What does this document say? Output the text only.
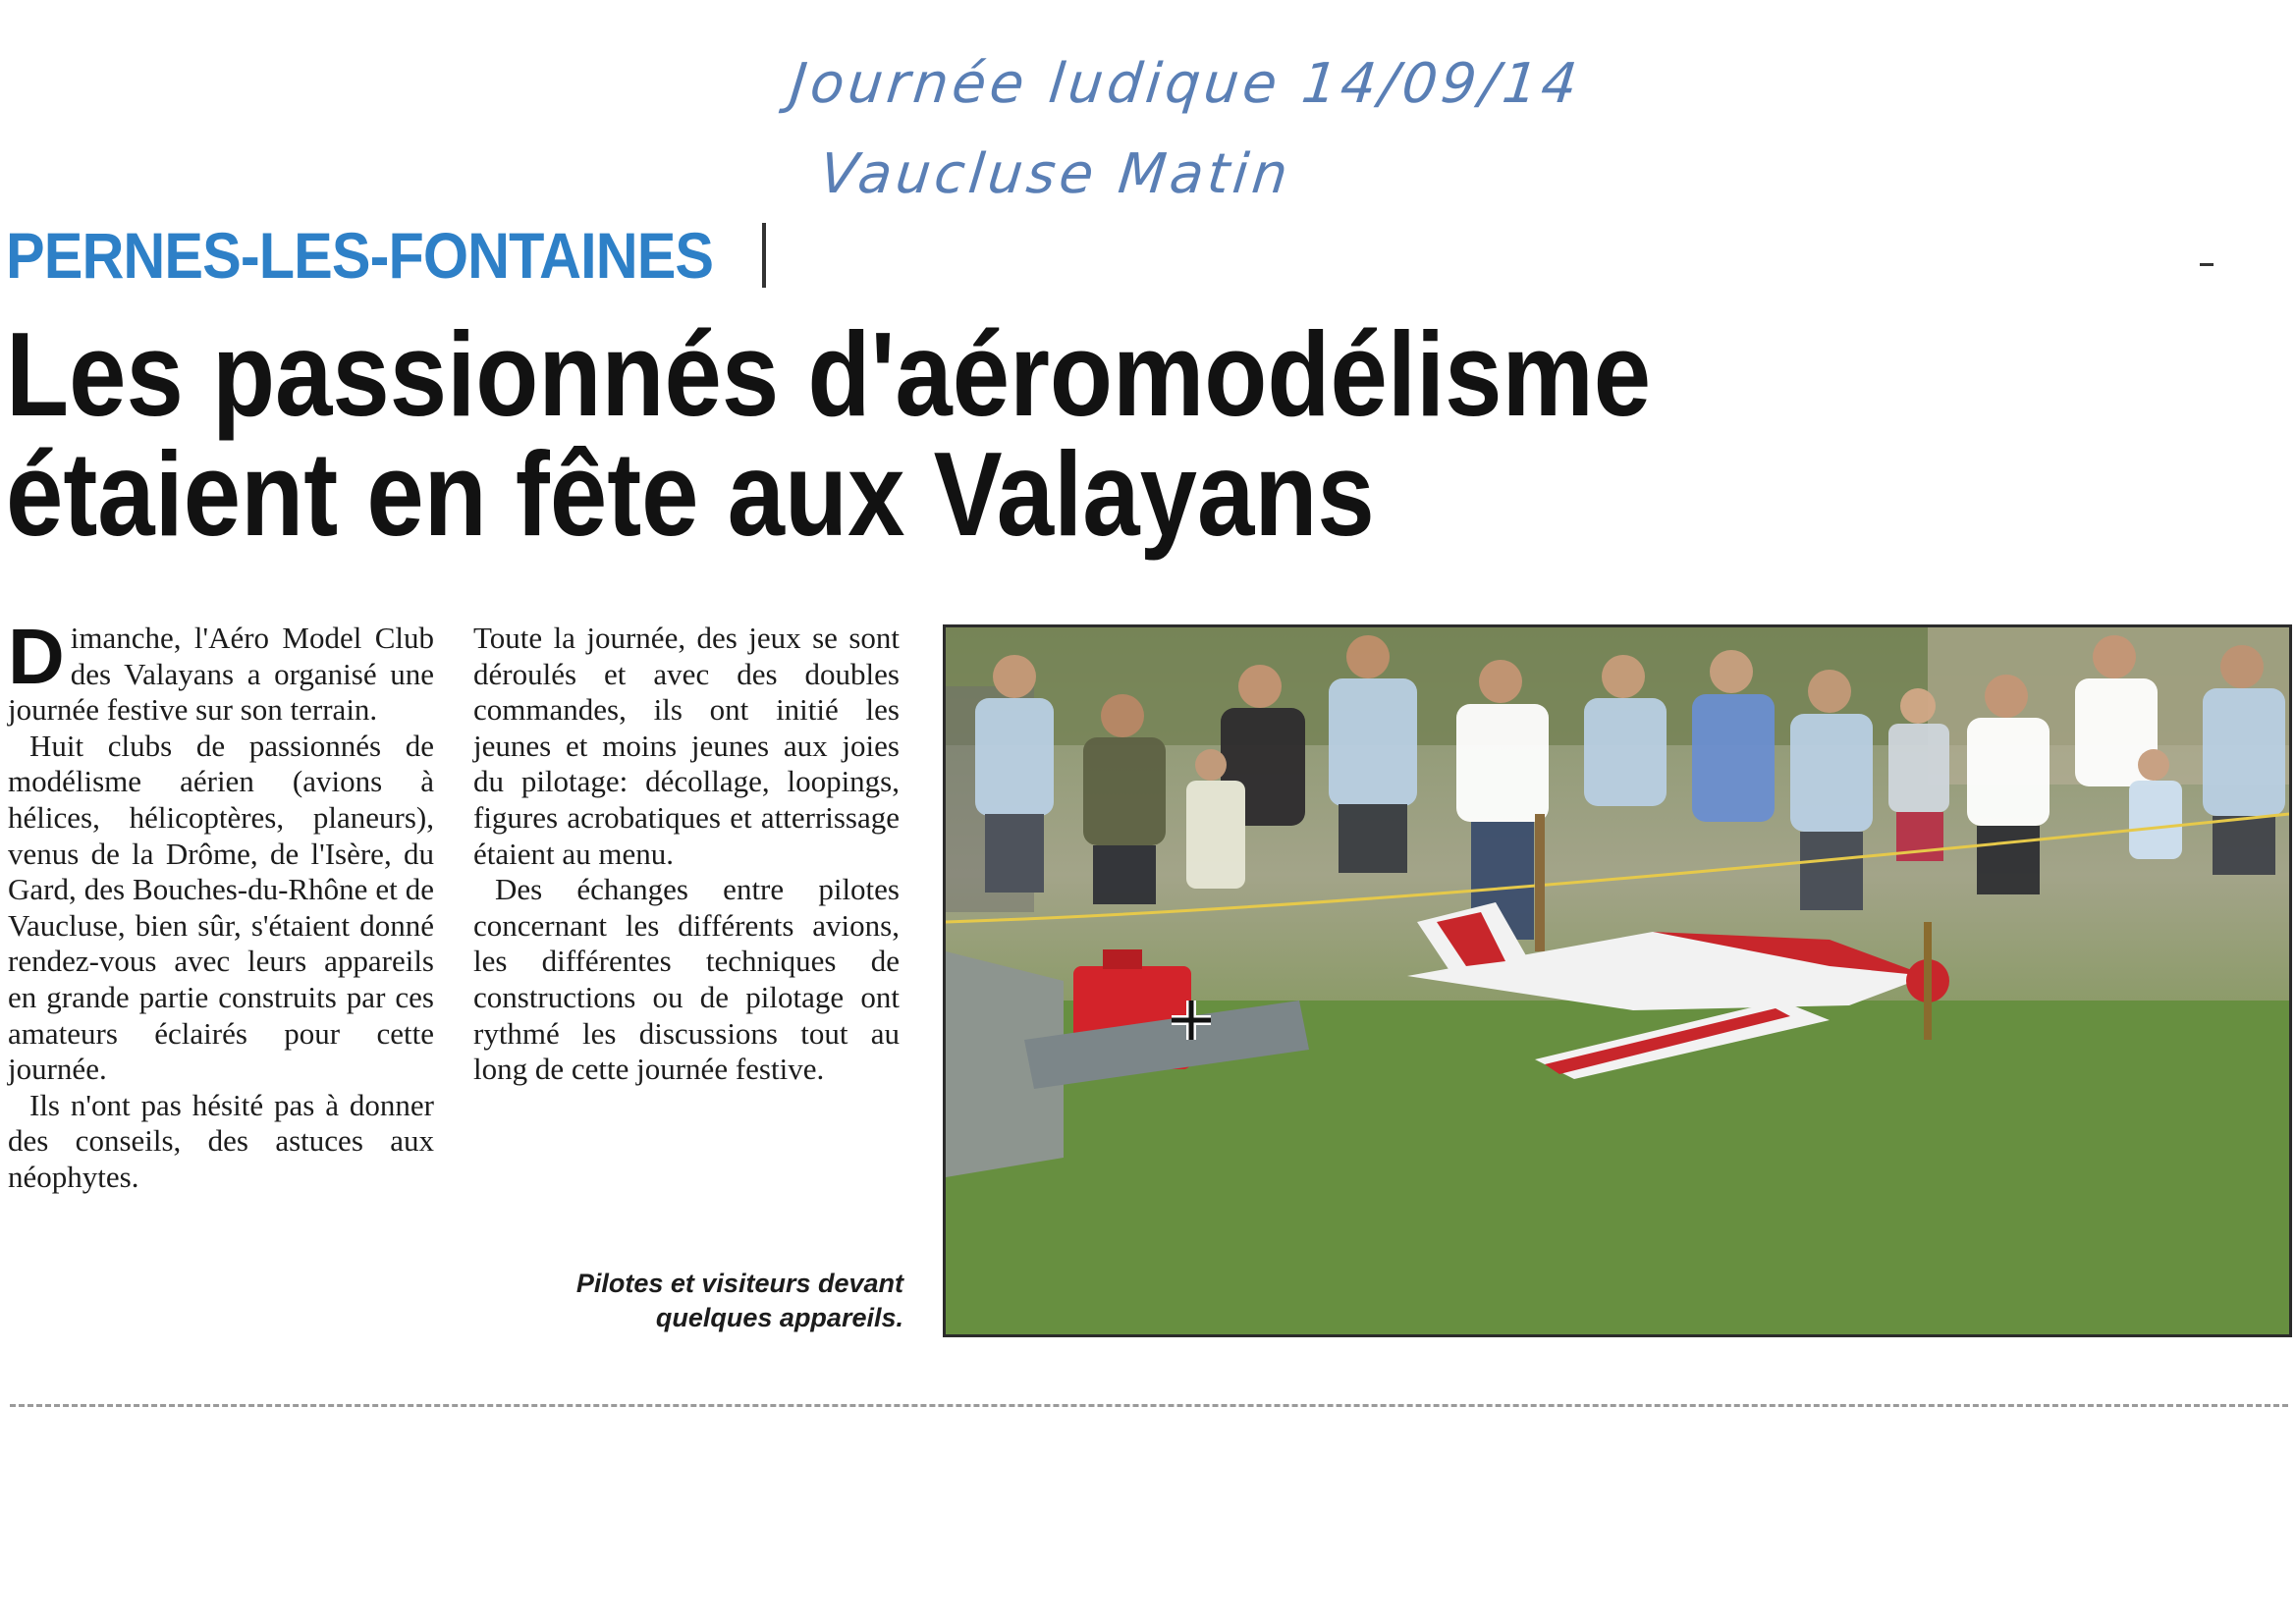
Journée ludique 14/09/14
Vaucluse Matin
PERNES-LES-FONTAINES
Les passionnés d'aéromodélisme
étaient en fête aux Valayans

Dimanche, l'Aéro Model Club des Valayans a organisé une journée festive sur son terrain.

Huit clubs de passionnés de modélisme aérien (avions à hélices, hélicoptères, planeurs), venus de la Drôme, de l'Isère, du Gard, des Bouches-du-Rhône et de Vaucluse, bien sûr, s'étaient donné rendez-vous avec leurs appareils en grande partie construits par ces amateurs éclairés pour cette journée.

Ils n'ont pas hésité pas à donner des conseils, des astuces aux néophytes.

Toute la journée, des jeux se sont déroulés et avec des doubles commandes, ils ont initié les jeunes et moins jeunes aux joies du pilotage: décollage, loopings, figures acrobatiques et atterrissage étaient au menu.

Des échanges entre pilotes concernant les différents avions, les différentes techniques de constructions ou de pilotage ont rythmé les discussions tout au long de cette journée festive.

Pilotes et visiteurs devant
quelques appareils.
